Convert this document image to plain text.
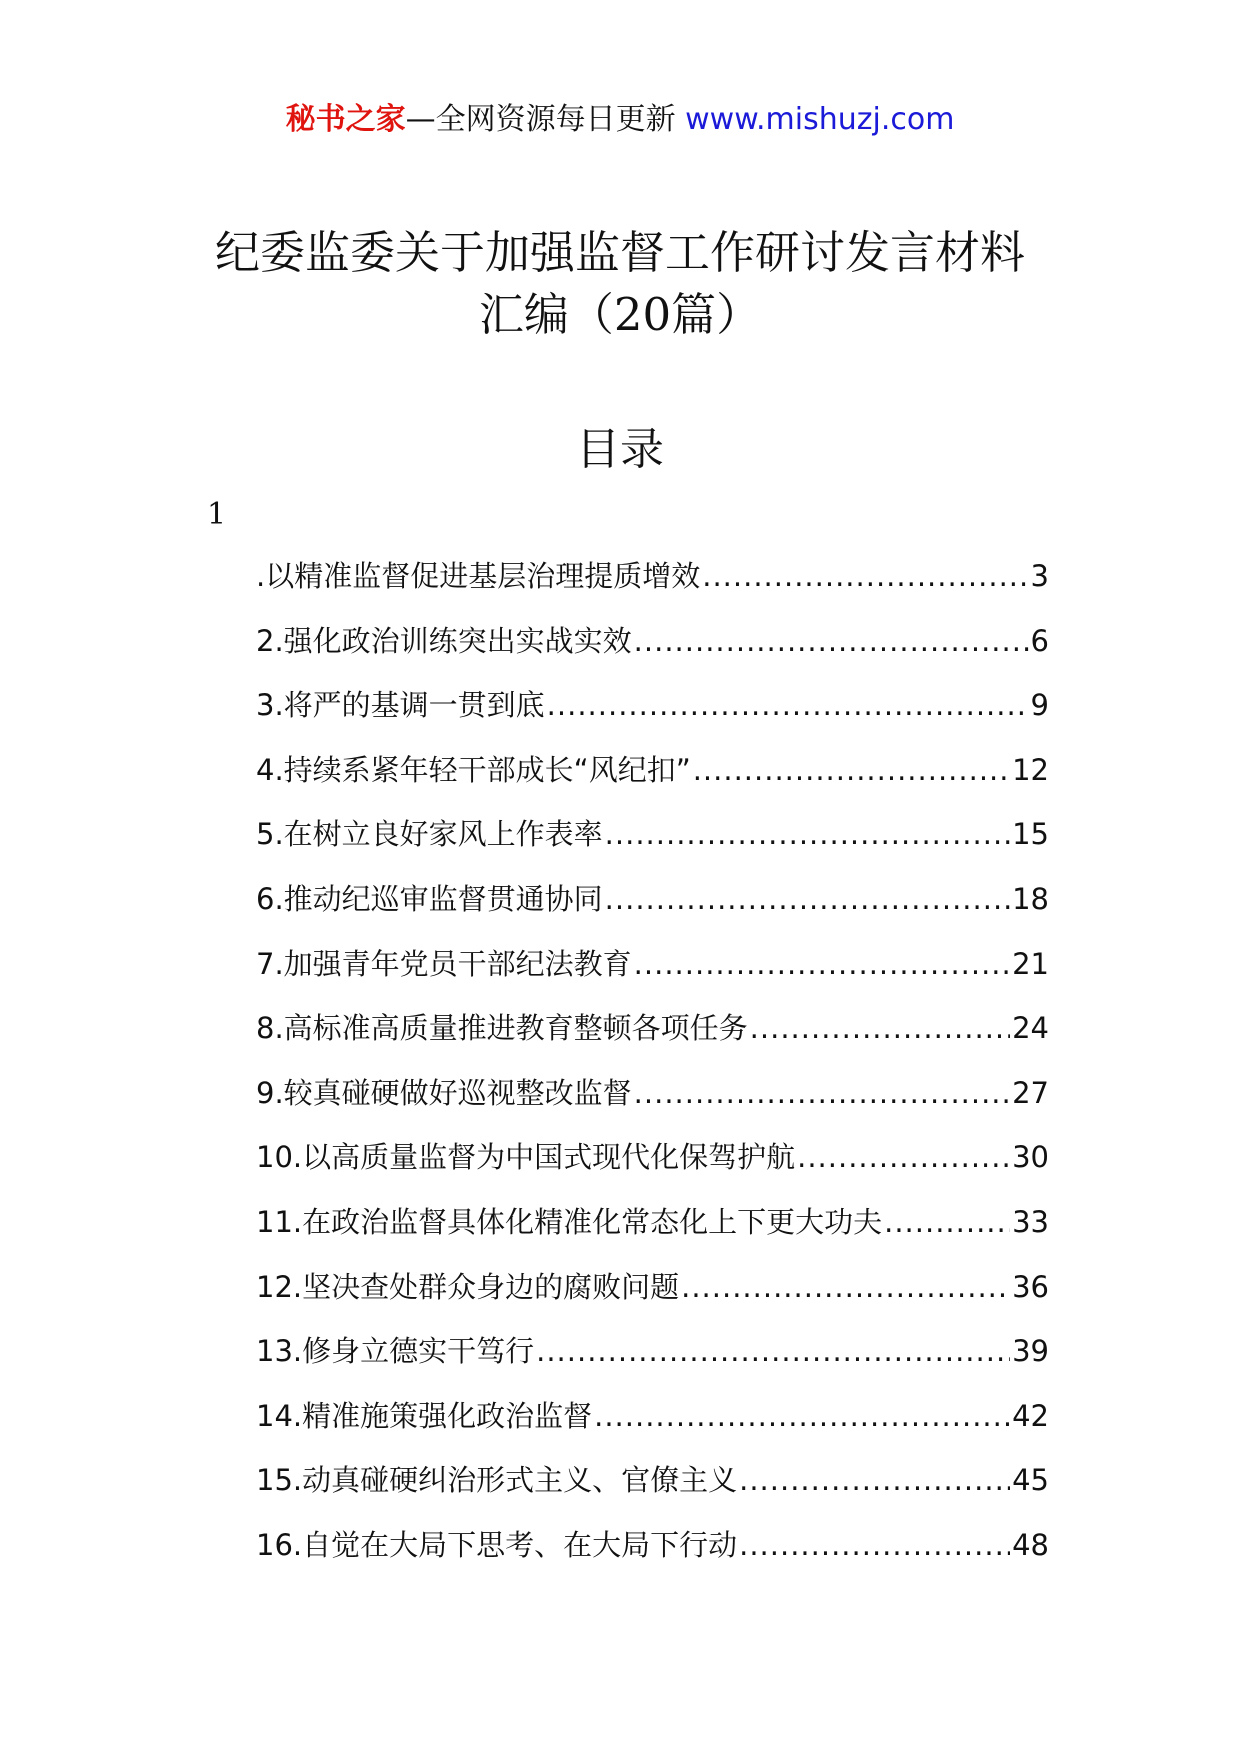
秘书之家—全网资源每日更新 www.mishuzj.com
纪委监委关于加强监督工作研讨发言材料
汇编（20篇）
目录
1
.以精准监督促进基层治理提质增效 .....	3
2.强化政治训练突出实战实效 .....	6
3.将严的基调一贯到底 .....	9
4.持续系紧年轻干部成长“风纪扣” .....	12
5.在树立良好家风上作表率 .....	15
6.推动纪巡审监督贯通协同 .....	18
7.加强青年党员干部纪法教育 .....	21
8.高标准高质量推进教育整顿各项任务 .....	24
9.较真碰硬做好巡视整改监督 .....	27
10.以高质量监督为中国式现代化保驾护航 .....	30
11.在政治监督具体化精准化常态化上下更大功夫 .....	33
12.坚决查处群众身边的腐败问题 .....	36
13.修身立德实干笃行 .....	39
14.精准施策强化政治监督 .....	42
15.动真碰硬纠治形式主义、官僚主义 .....	45
16.自觉在大局下思考、在大局下行动 .....	48
